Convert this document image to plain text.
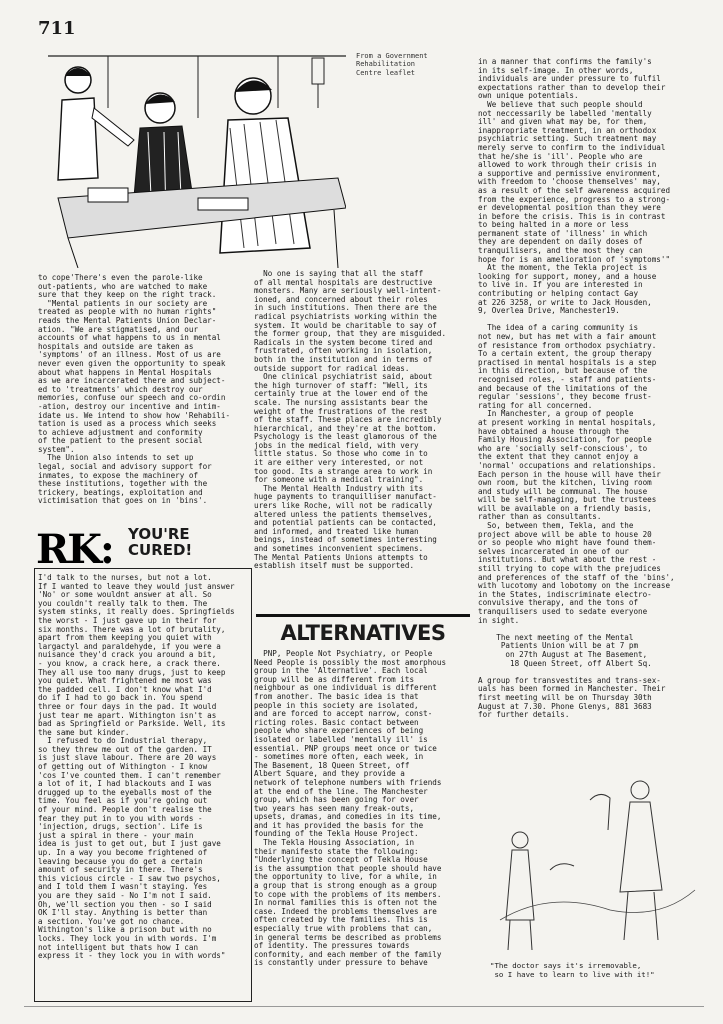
711
From a Government
Rehabilitation
Centre leaflet
to cope'There's even the parole-like
out-patients, who are watched to make
sure that they keep on the right track.
"Mental patients in our society are
treated as people with no human rights"
reads the Mental Patients Union Declar-
ation. "We are stigmatised, and our
accounts of what happens to us in mental
hospitals and outside are taken as
'symptoms' of an illness. Most of us are
never even given the opportunity to speak
about what happens in Mental Hospitals
as we are incarcerated there and subject-
ed to 'treatments' which destroy our
memories, confuse our speech and co-ordin
-ation, destroy our incentive and intim-
idate us. We intend to show how 'Rehabili-
tation is used as a process which seeks
to achieve adjustment and conformity
of the patient to the present social
system".
The Union also intends to set up
legal, social and advisory support for
inmates, to expose the machinery of
these institutions, together with the
trickery, beatings, exploitation and
victimisation that goes on in 'bins'.
RK: YOU'RE
CURED!
I'd talk to the nurses, but not a lot.
If I wanted to leave they would just answer
'No' or some wouldnt answer at all. So
you couldn't really talk to them. The
system stinks, it really does. Springfields
the worst - I just gave up in their for
six months. There was a lot of brutality,
apart from them keeping you quiet with
largactyl and paraldehyde, if you were a
nuisance they'd crack you around a bit,
- you know, a crack here, a crack there.
They all use too many drugs, just to keep
you quiet. What frightened me most was
the padded cell. I don't know what I'd
do if I had to go back in. You spend
three or four days in the pad. It would
just tear me apart. Withington isn't as
bad as Springfield or Parkside. Well, its
the same but kinder.
I refused to do Industrial therapy,
so they threw me out of the garden. IT
is just slave labour. There are 20 ways
of getting out of Withington - I know
'cos I've counted them. I can't remember
a lot of it, I had blackouts and I was
drugged up to the eyeballs most of the
time. You feel as if you're going out
of your mind. People don't realise the
fear they put in to you with words -
'injection, drugs, section'. Life is
just a spiral in there - your main
idea is just to get out, but I just gave
up. In a way you become frightened of
leaving because you do get a certain
amount of security in there. There's
this vicious circle - I saw two psychos,
and I told them I wasn't staying. Yes
you are they said - No I'm not I said.
Oh, we'll section you then - so I said
OK I'll stay. Anything is better than
a section. You've got no chance.
Withington's like a prison but with no
locks. They lock you in with words. I'm
not intelligent but thats how I can
express it - they lock you in with words"
No one is saying that all the staff
of all mental hospitals are destructive
monsters. Many are seriously well-intent-
ioned, and concerned about their roles
in such institutions. Then there are the
radical psychiatrists working within the
system. It would be charitable to say of
the former group, that they are misguided.
Radicals in the system become tired and
frustrated, often working in isolation,
both in the institution and in terms of
outside support for radical ideas.
One clinical psychiatrist said, about
the high turnover of staff: "Well, its
certainly true at the lower end of the
scale. The nursing assistants bear the
weight of the frustrations of the rest
of the staff. These places are incredibly
hierarchical, and they're at the bottom.
Psychology is the least glamorous of the
jobs in the medical field, with very
little status. So those who come in to
it are either very interested, or not
too good. Its a strange area to work in
for someone with a medical training".
The Mental Health Industry with its
huge payments to tranquilliser manufact-
urers like Roche, will not be radically
altered unless the patients themselves,
and potential patients can be contacted,
and informed, and treated like human
beings, instead of sometimes interesting
and sometimes inconvenient specimens.
The Mental Patients Unions attempts to
establish itself must be supported.
ALTERNATIVES
PNP, People Not Psychiatry, or People
Need People is possibly the most amorphous
group in the 'Alternative'. Each local
group will be as different from its
neighbour as one individual is different
from another. The basic idea is that
people in this society are isolated,
and are forced to accept narrow, const-
ricting roles. Basic contact between
people who share experiences of being
isolated or labelled 'mentally ill' is
essential. PNP groups meet once or twice
- sometimes more often, each week, in
The Basement, 18 Queen Street, off
Albert Square, and they provide a
network of telephone numbers with friends
at the end of the line. The Manchester
group, which has been going for over
two years has seen many freak-outs,
upsets, dramas, and comedies in its time,
and it has provided the basis for the
founding of the Tekla House Project.
The Tekla Housing Association, in
their manifesto state the following:
"Underlying the concept of Tekla House
is the assumption that people should have
the opportunity to live, for a while, in
a group that is strong enough as a group
to cope with the problems of its members.
In normal families this is often not the
case. Indeed the problems themselves are
often created by the families. This is
especially true with problems that can,
in general terms be described as problems
of identity. The pressures towards
conformity, and each member of the family
is constantly under pressure to behave
in a manner that confirms the family's
in its self-image. In other words,
individuals are under pressure to fulfil
expectations rather than to develop their
own unique potentials.
We believe that such people should
not neccessarily be labelled 'mentally
ill' and given what may be, for them,
inappropriate treatment, in an orthodox
psychiatric setting. Such treatment may
merely serve to confirm to the individual
that he/she is 'ill'. People who are
allowed to work through their crisis in
a supportive and permissive environment,
with freedom to 'choose themselves' may,
as a result of the self awareness acquired
from the experience, progress to a strong-
er developmental position than they were
in before the crisis. This is in contrast
to being halted in a more or less
permanent state of 'illness' in which
they are dependent on daily doses of
tranquilisers, and the most they can
hope for is an amelioration of 'symptoms'"
At the moment, the Tekla project is
looking for support, money, and a house
to live in. If you are interested in
contributing or helping contact Gay
at 226 3258, or write to Jack Housden,
9, Overlea Drive, Manchester19.

The idea of a caring community is
not new, but has met with a fair amount
of resistance from orthodox psychiatry.
To a certain extent, the group therapy
practised in mental hospitals is a step
in this direction, but because of the
recognised roles, - staff and patients-
and because of the limitations of the
regular 'sessions', they become frust-
rating for all concerned.
In Manchester, a group of people
at present working in mental hospitals,
have obtained a house through the
Family Housing Association, for people
who are 'socially self-conscious', to
the extent that they cannot enjoy a
'normal' occupations and relationships.
Each person in the house will have their
own room, but the kitchen, living room
and study will be communal. The house
will be self-managing, but the trustees
will be available on a friendly basis,
rather than as consultants.
So, between them, Tekla, and the
project above will be able to house 20
or so people who might have found them-
selves incarcerated in one of our
institutions. But what about the rest -
still trying to cope with the prejudices
and preferences of the staff of the 'bins',
with lucotomy and lobotomy on the increase
in the States, indiscriminate electro-
convulsive therapy, and the tons of
tranquilisers used to sedate everyone
in sight.

The next meeting of the Mental
Patients Union will be at 7 pm
on 27th August at The Basement,
18 Queen Street, off Albert Sq.

A group for transvestites and trans-sex-
uals has been formed in Manchester. Their
first meeting will be on Thursday 30th
August at 7.30. Phone Glenys, 881 3683
for further details.
"The doctor says it's irremovable,
so I have to learn to live with it!"
